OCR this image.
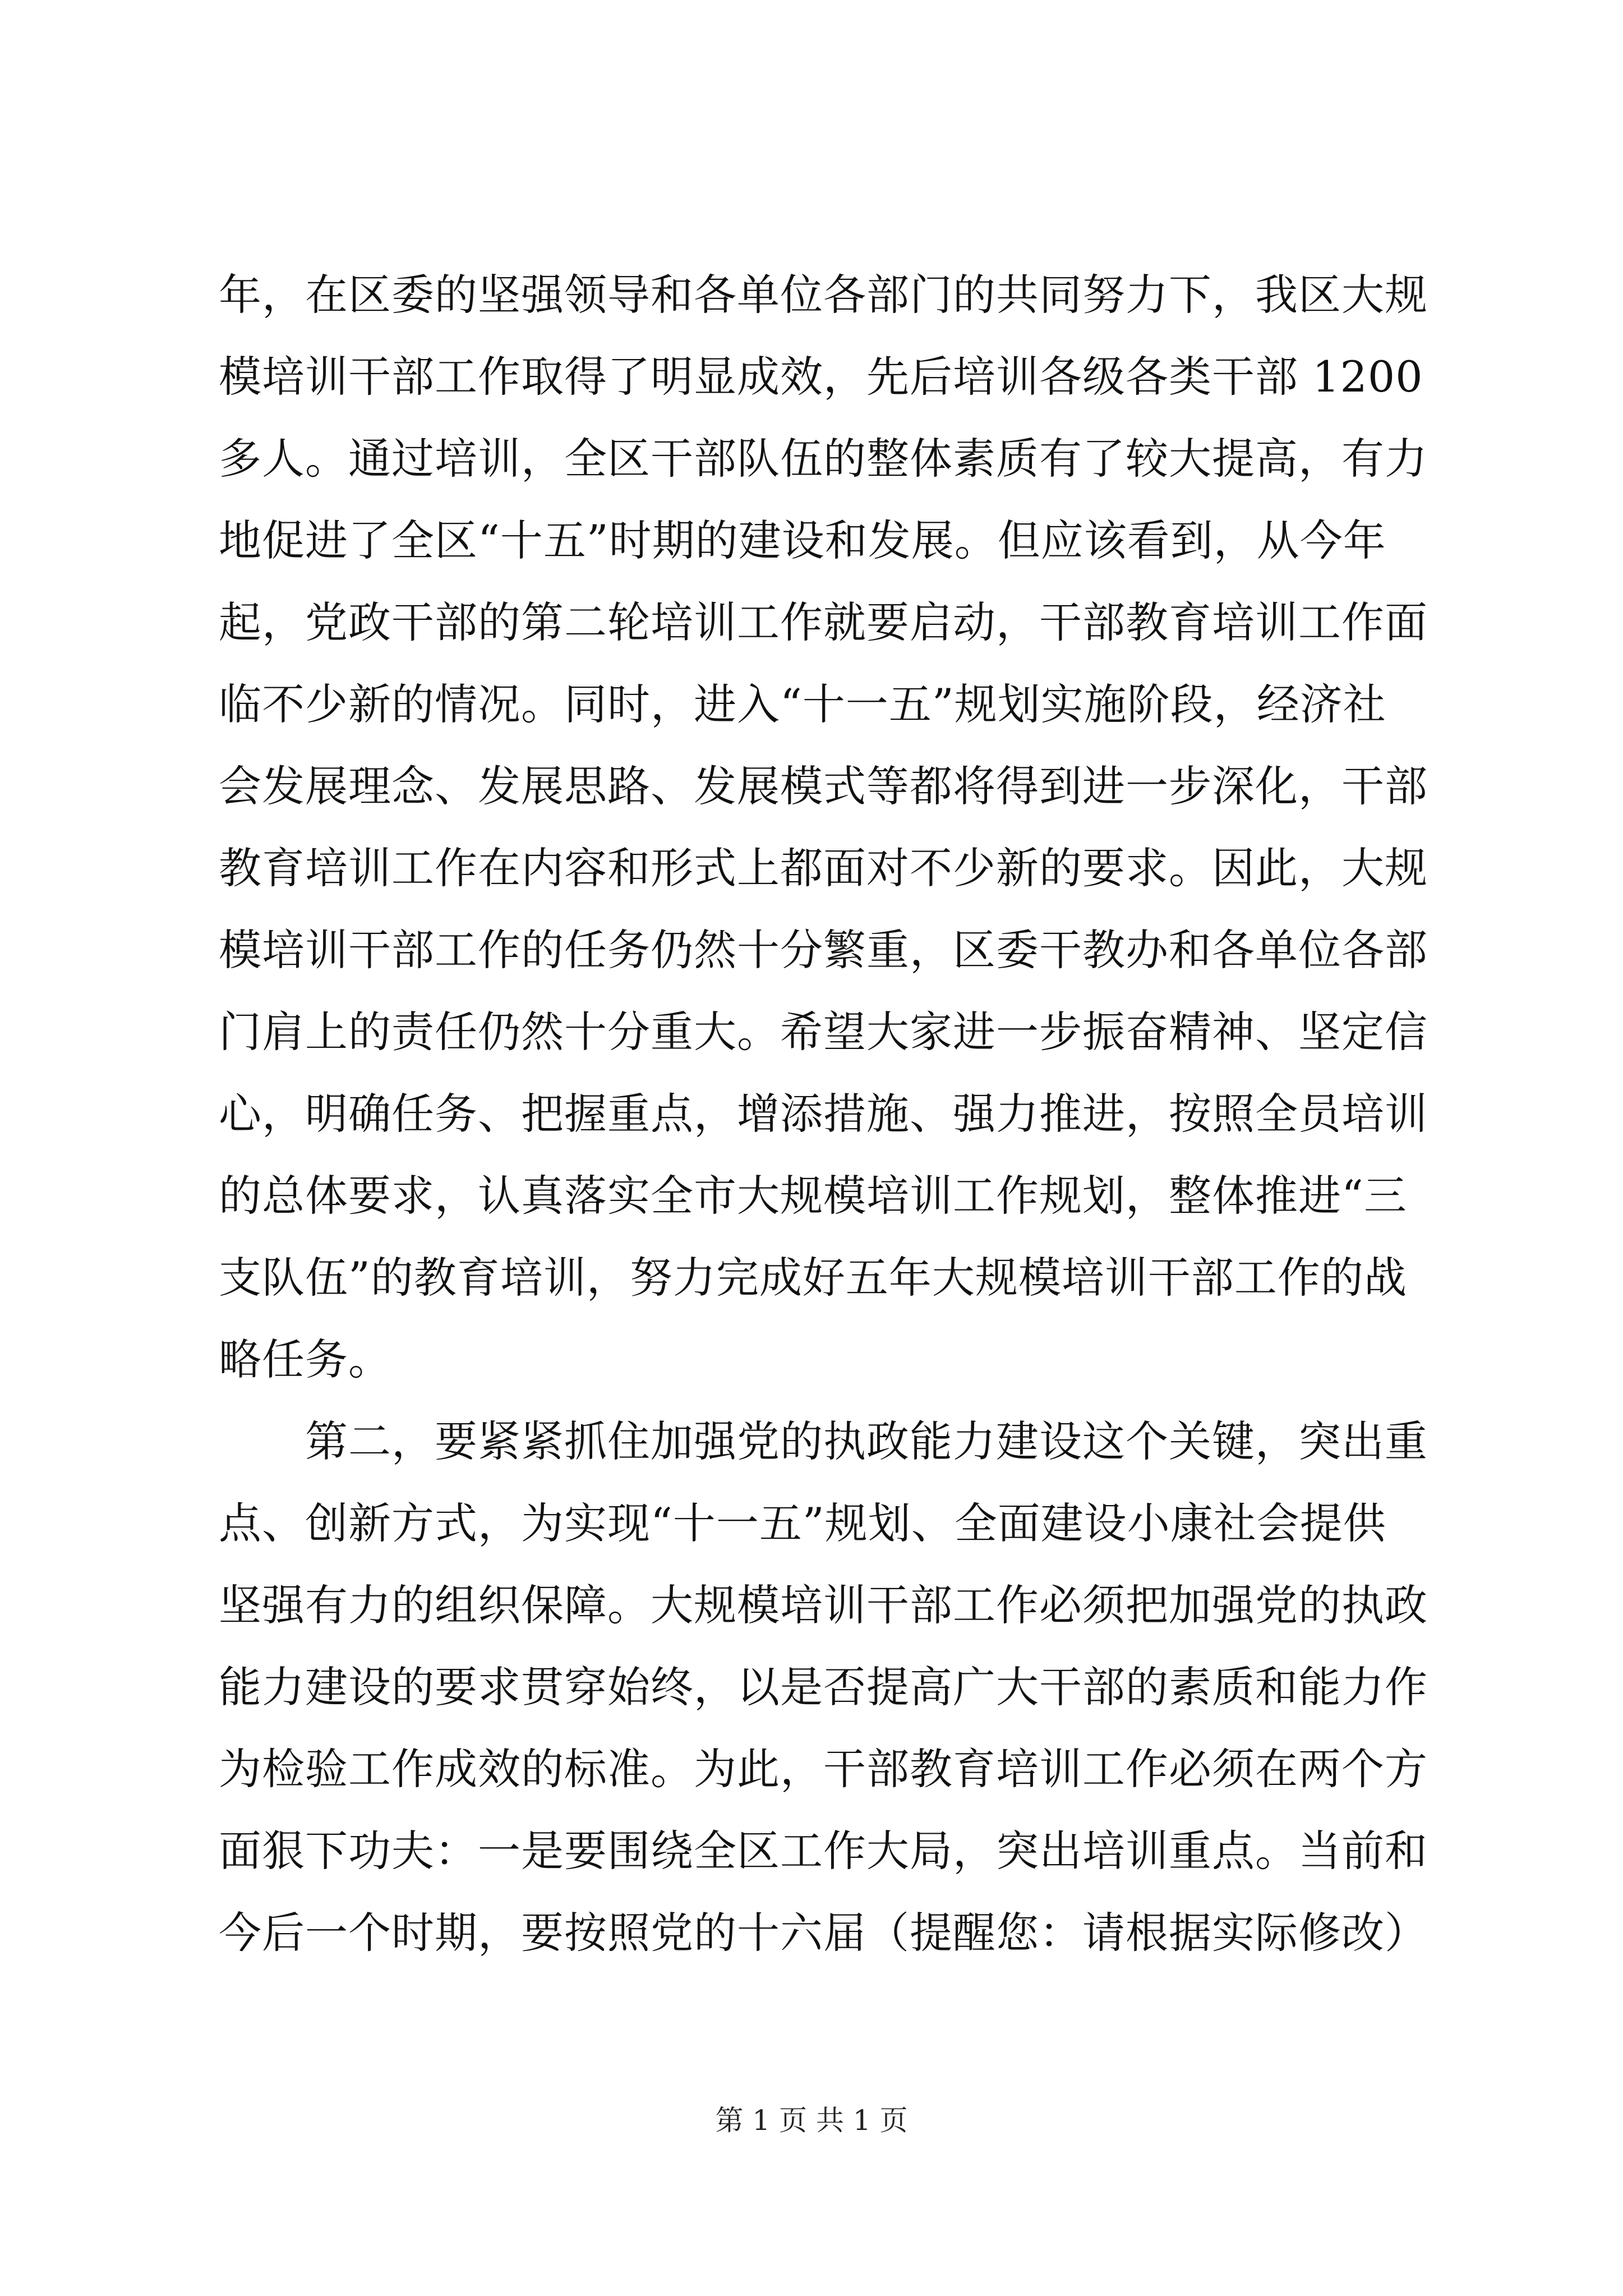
年，在区委的坚强领导和各单位各部门的共同努力下，我区大规
模培训干部工作取得了明显成效，先后培训各级各类干部 1200
多人。通过培训，全区干部队伍的整体素质有了较大提高，有力
地促进了全区“十五”时期的建设和发展。但应该看到，从今年
起，党政干部的第二轮培训工作就要启动，干部教育培训工作面
临不少新的情况。同时，进入“十一五”规划实施阶段，经济社
会发展理念、发展思路、发展模式等都将得到进一步深化，干部
教育培训工作在内容和形式上都面对不少新的要求。因此，大规
模培训干部工作的任务仍然十分繁重，区委干教办和各单位各部
门肩上的责任仍然十分重大。希望大家进一步振奋精神、坚定信
心，明确任务、把握重点，增添措施、强力推进，按照全员培训
的总体要求，认真落实全市大规模培训工作规划，整体推进“三
支队伍”的教育培训，努力完成好五年大规模培训干部工作的战
略任务。
　　第二，要紧紧抓住加强党的执政能力建设这个关键，突出重
点、创新方式，为实现“十一五”规划、全面建设小康社会提供
坚强有力的组织保障。大规模培训干部工作必须把加强党的执政
能力建设的要求贯穿始终，以是否提高广大干部的素质和能力作
为检验工作成效的标准。为此，干部教育培训工作必须在两个方
面狠下功夫：一是要围绕全区工作大局，突出培训重点。当前和
今后一个时期，要按照党的十六届（提醒您：请根据实际修改）
第 1 页 共 1 页
